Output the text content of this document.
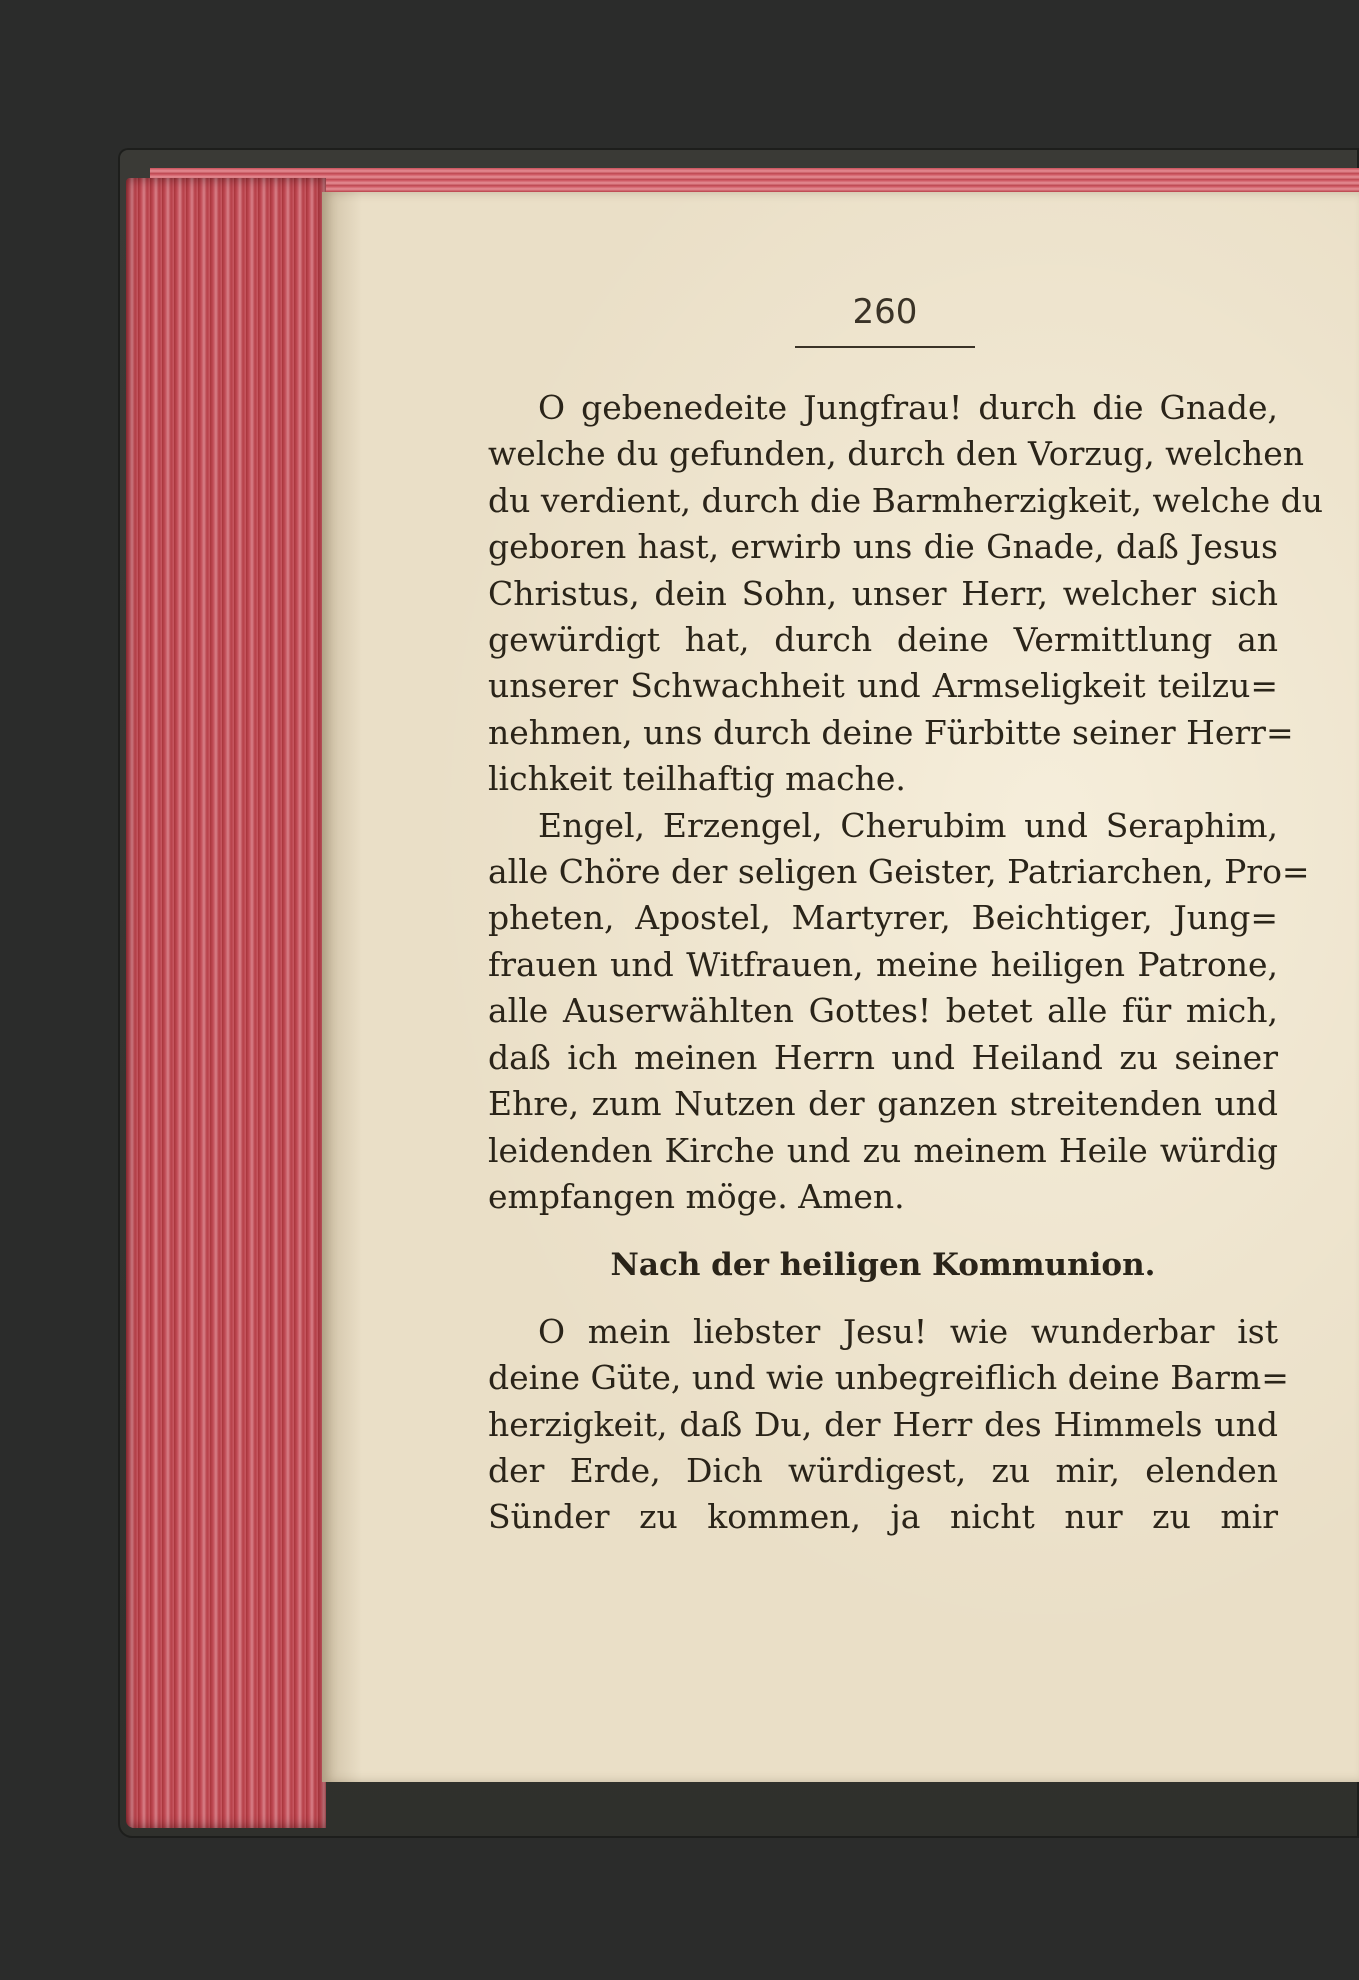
260
O gebenedeite Jungfrau! durch die Gnade,
welche du gefunden, durch den Vorzug, welchen
du verdient, durch die Barmherzigkeit, welche du
geboren hast, erwirb uns die Gnade, daß Jesus
Christus, dein Sohn, unser Herr, welcher sich
gewürdigt hat, durch deine Vermittlung an
unserer Schwachheit und Armseligkeit teilzu=
nehmen, uns durch deine Fürbitte seiner Herr=
lichkeit teilhaftig mache.
Engel, Erzengel, Cherubim und Seraphim,
alle Chöre der seligen Geister, Patriarchen, Pro=
pheten, Apostel, Martyrer, Beichtiger, Jung=
frauen und Witfrauen, meine heiligen Patrone,
alle Auserwählten Gottes! betet alle für mich,
daß ich meinen Herrn und Heiland zu seiner
Ehre, zum Nutzen der ganzen streitenden und
leidenden Kirche und zu meinem Heile würdig
empfangen möge. Amen.
Nach der heiligen Kommunion.
O mein liebster Jesu! wie wunderbar ist
deine Güte, und wie unbegreiflich deine Barm=
herzigkeit, daß Du, der Herr des Himmels und
der Erde, Dich würdigest, zu mir, elenden
Sünder zu kommen, ja nicht nur zu mir
